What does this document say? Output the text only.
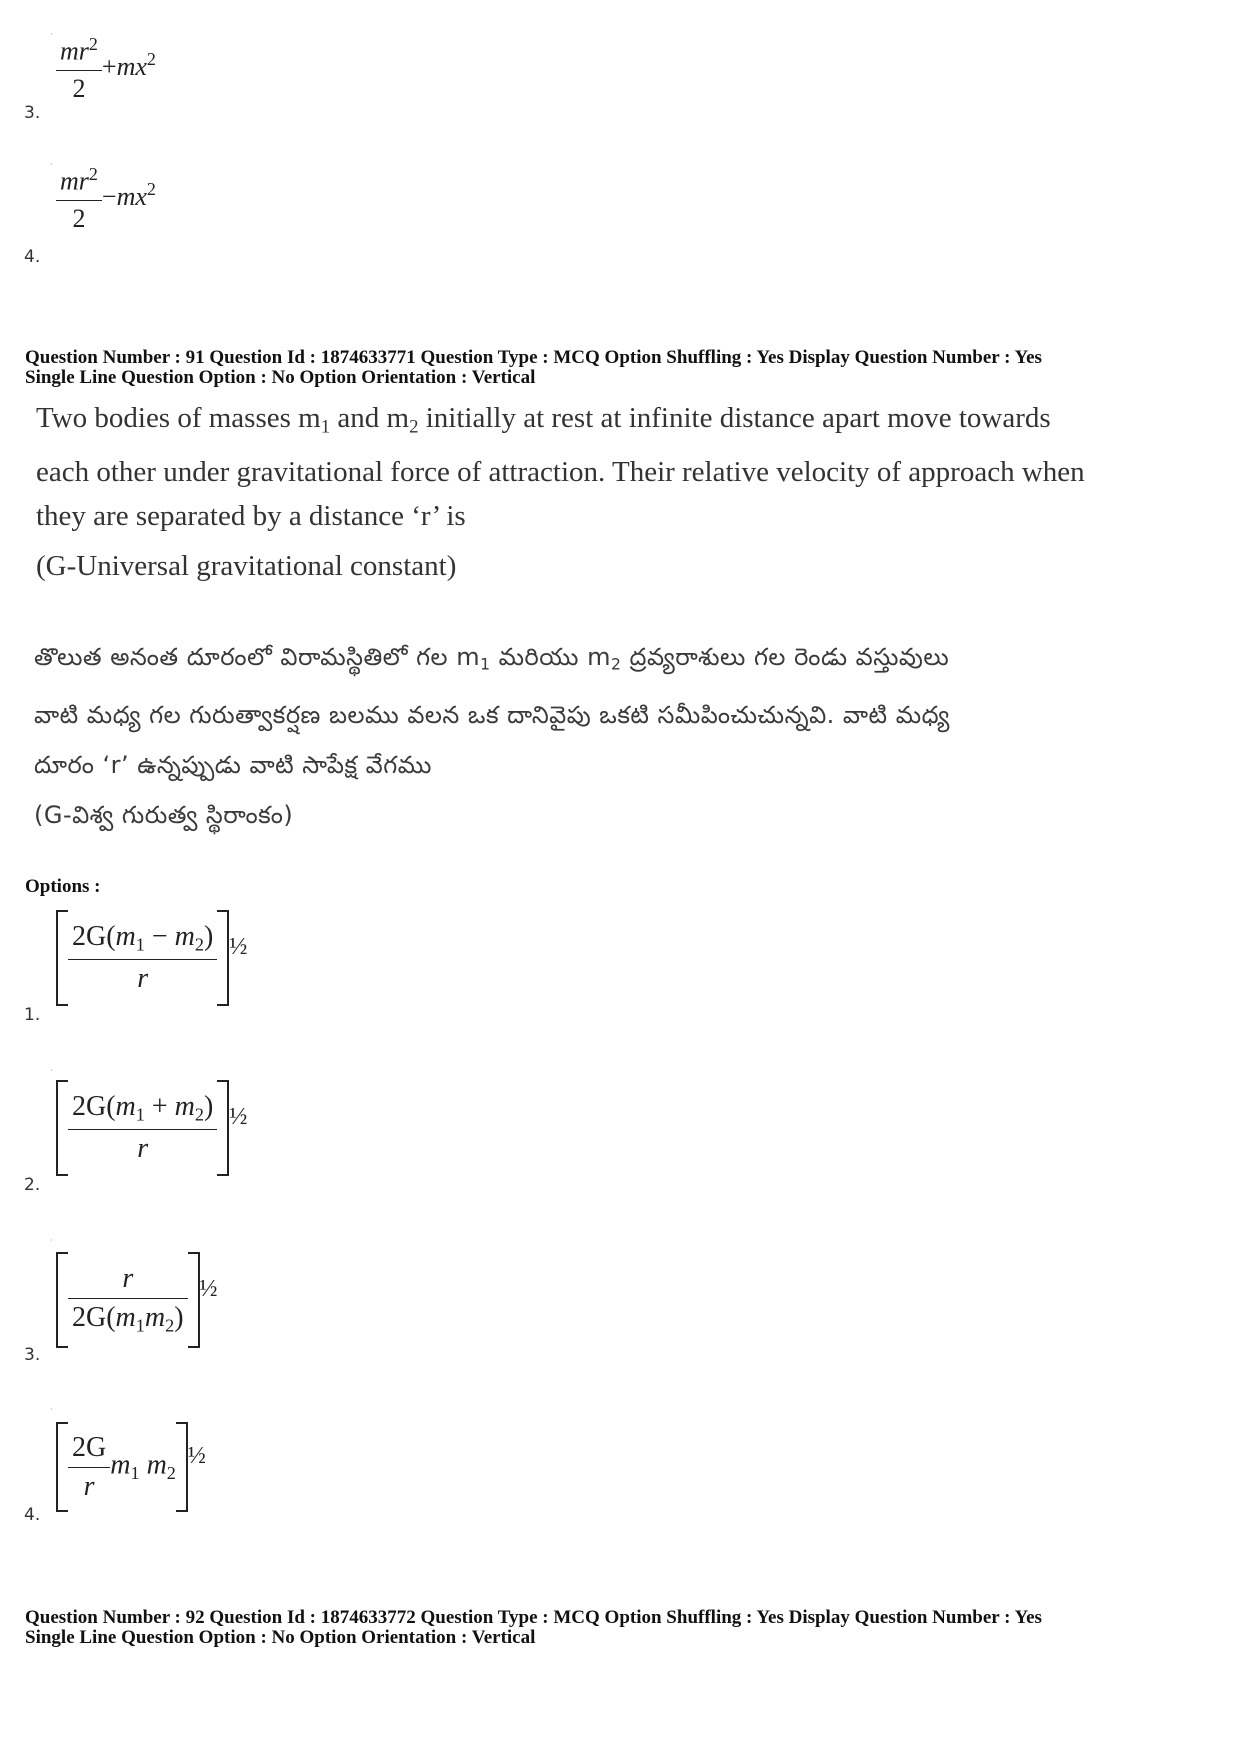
· $\frac{mr^2}{2} +mx^2$
3.
· $\frac{mr^2}{2} -mx^2$
4.
Question Number : 91 Question Id : 1874633771 Question Type : MCQ Option Shuffling : Yes Display Question Number : Yes
Single Line Question Option : No Option Orientation : Vertical
Two bodies of masses $m_1$ and $m_2$ initially at rest at infinite distance apart move towards
each other under gravitational force of attraction. Their relative velocity of approach when
they are separated by a distance ‘r’ is
(G-Universal gravitational constant)
తొలుత అనంత దూరంలో విరామస్థితిలో గల $m_1$ మరియు $m_2$ ద్రవ్యరాశులు గల రెండు వస్తువులు
వాటి మధ్య గల గురుత్వాకర్షణ బలము వలన ఒక దానివైపు ఒకటి సమీపించుచున్నవి. వాటి మధ్య
దూరం ‘r’ ఉన్నప్పుడు వాటి సాపేక్ష వేగము
(G-విశ్వ గురుత్వ స్థిరాంకం)
Options :
$\frac{2G(m_1 - m_2)}{r} ^{\frac{1}{2}}$
1.
·
$\frac{2G(m_1 + m_2)}{r} ^{\frac{1}{2}}$
2.
·
$\frac{r}{2G(m_1m_2)} ^{\frac{1}{2}}$
3.
·
$\frac{2G}{r} m_1$ $m_2^{\frac{1}{2}}$
4.
Question Number : 92 Question Id : 1874633772 Question Type : MCQ Option Shuffling : Yes Display Question Number : Yes
Single Line Question Option : No Option Orientation : Vertical
